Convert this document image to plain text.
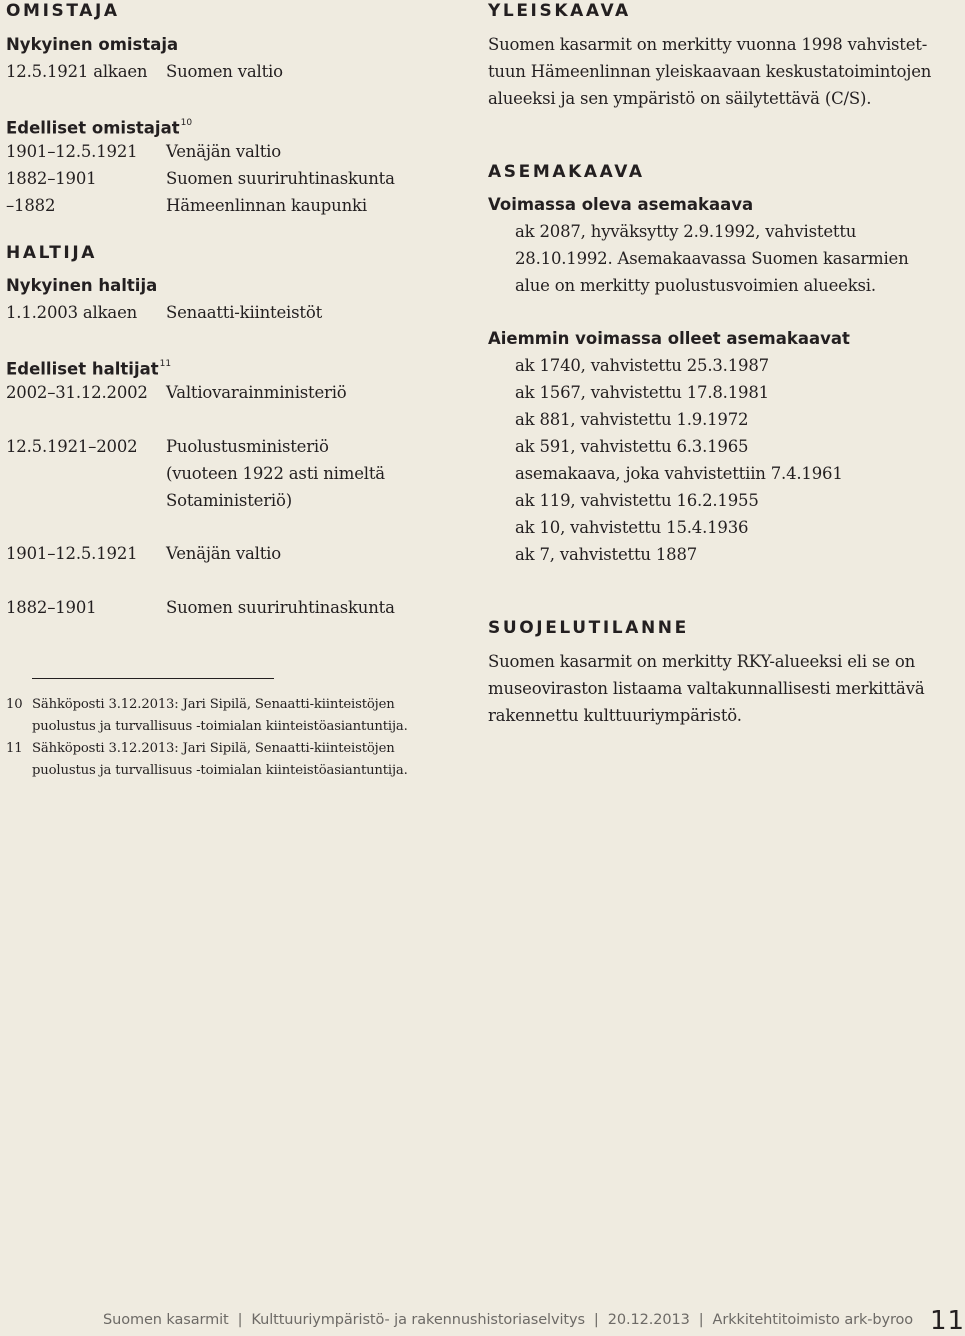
OMISTAJA
Nykyinen omistaja
12.5.1921 alkaen Suomen valtio
Edelliset omistajat$^{10}$
1901–12.5.1921 Venäjän valtio
1882–1901	Suomen suuriruhtinaskunta
–1882	Hämeenlinnan kaupunki
HALTIJA
Nykyinen haltija
1.1.2003 alkaen Senaatti-kiinteistöt
Edelliset haltijat$^{11}$
2002–31.12.2002 Valtiovarainministeriö
12.5.1921–2002 Puolustusministeriö
(vuoteen 1922 asti nimeltä
Sotaministeriö)
1901–12.5.1921 Venäjän valtio
1882–1901	Suomen suuriruhtinaskunta
10 Sähköposti 3.12.2013: Jari Sipilä, Senaatti-kiinteistöjen
puolustus ja turvallisuus -toimialan kiinteistöasiantuntija.
11 Sähköposti 3.12.2013: Jari Sipilä, Senaatti-kiinteistöjen
puolustus ja turvallisuus -toimialan kiinteistöasiantuntija.
YLEISKAAVA
Suomen kasarmit on merkitty vuonna 1998 vahvistet-
tuun Hämeenlinnan yleiskaavaan keskustatoimintojen
alueeksi ja sen ympäristö on säilytettävä (C/S).
ASEMAKAAVA
Voimassa oleva asemakaava
ak 2087, hyväksytty 2.9.1992, vahvistettu
28.10.1992. Asemakaavassa Suomen kasarmien
alue on merkitty puolustusvoimien alueeksi.
Aiemmin voimassa olleet asemakaavat
ak 1740, vahvistettu 25.3.1987
ak 1567, vahvistettu 17.8.1981
ak 881, vahvistettu 1.9.1972
ak 591, vahvistettu 6.3.1965
asemakaava, joka vahvistettiin 7.4.1961
ak 119, vahvistettu 16.2.1955
ak 10, vahvistettu 15.4.1936
ak 7, vahvistettu 1887
SUOJELUTILANNE
Suomen kasarmit on merkitty RKY-alueeksi eli se on
museoviraston listaama valtakunnallisesti merkittävä
rakennettu kulttuuriympäristö.
Suomen kasarmit | Kulttuuriympäristö- ja rakennushistoriaselvitys | 20.12.2013 | Arkkitehtitoimisto ark-byroo 11
